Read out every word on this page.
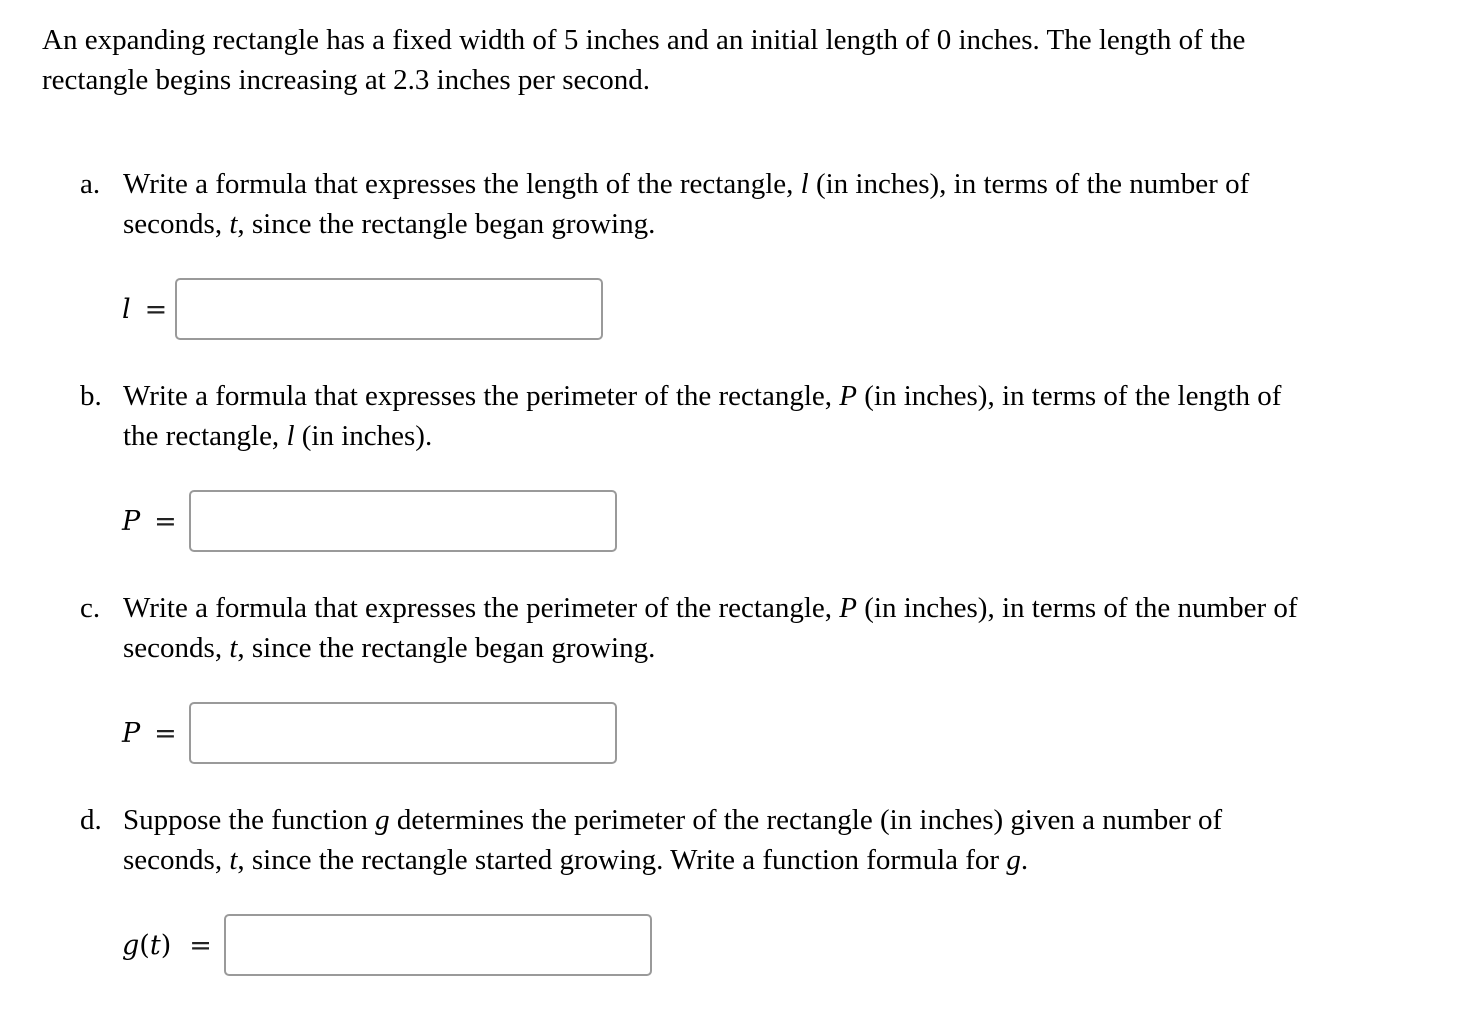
An expanding rectangle has a fixed width of 5 inches and an initial length of 0 inches. The length of the
rectangle begins increasing at 2.3 inches per second.
a. Write a formula that expresses the length of the rectangle, l (in inches), in terms of the number of
seconds, t, since the rectangle began growing.
l =
b. Write a formula that expresses the perimeter of the rectangle, P (in inches), in terms of the length of
the rectangle, l (in inches).
P =
c. Write a formula that expresses the perimeter of the rectangle, P (in inches), in terms of the number of
seconds, t, since the rectangle began growing.
P =
d. Suppose the function g determines the perimeter of the rectangle (in inches) given a number of
seconds, t, since the rectangle started growing. Write a function formula for g.
g(t) =
